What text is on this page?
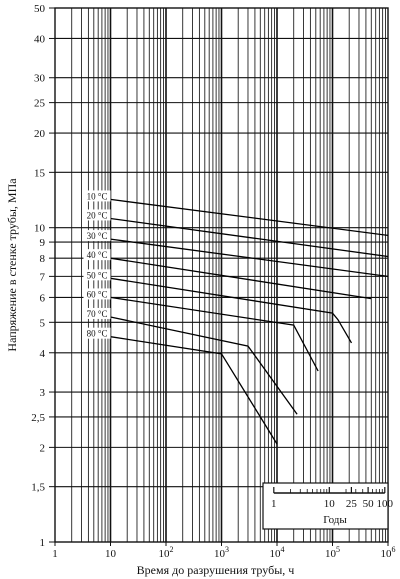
10 °C
20 °C
30 °C
40 °C
50 °C
60 °C
70 °C
80 °C
1
1,5
2
2,5
3
4
5
6
7
8
9
10
15
20
25
30
40
50
1	10	$10^2$	$10^3$	$10^4$	$10^5$	$10^6$
1	10 25 50 100
Годы
Время до разрушения трубы, ч
Напряжение в стенке трубы, МПа
